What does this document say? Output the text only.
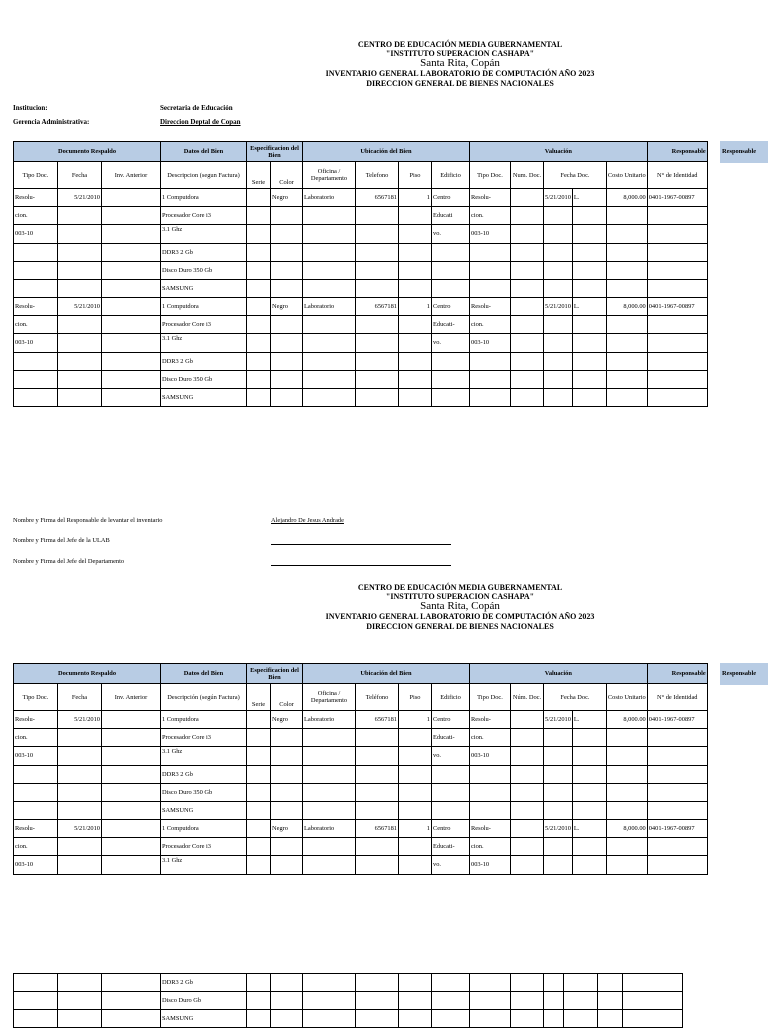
CENTRO DE EDUCACIÓN MEDIA GUBERNAMENTAL
"INSTITUTO SUPERACION CASHAPA"
Santa Rita, Copán
INVENTARIO GENERAL LABORATORIO DE COMPUTACIÓN AÑO 2023
DIRECCION GENERAL DE BIENES NACIONALES
Institucion:	Secretaria de Educación
Gerencia Administrativa:	Direccion Deptal de Copan
Responsable
Documento Respaldo			Datos del Bien	Especificacion del Bien		Ubicación del Bien				Valuación					Responsable
Tipo Doc.	Fecha	Inv. Anterior	Descripcion (segun Factura)	Serie	Color	Oficina / Departamento	Telefono	Piso	Edificio	Tipo Doc.	Num. Doc.	Fecha Doc.		Costo Unitario	N° de Identidad
Resolu-	5/21/2010		1 Computdora		Negro	Laboratorio	6567181	1	Centro	Resolu-		5/21/2010	L.	8,000.00	0401-1967-00897
cion.			Procesador Core i3						Educati	cion.					
003-10			3.1 Ghz						vo.	003-10					
			DDR3 2 Gb												
			Disco Duro 350 Gb												
			SAMSUNG												
Resolu-	5/21/2010		1 Computdora		Negro	Laboratorio	6567181	1	Centro	Resolu-		5/21/2010	L.	8,000.00	0401-1967-00897
cion.			Procesador Core i3						Educati-	cion.					
003-10			3.1 Ghz						vo.	003-10					
			DDR3 2 Gb												
			Disco Duro 350 Gb												
			SAMSUNG												
Nombre y Firma del Responsable de levantar el inventario	Alejandro De Jesus Andrade
Nombre y Firma del Jefe de la ULAB

Nombre y Firma del Jefe del Departamento

CENTRO DE EDUCACIÓN MEDIA GUBERNAMENTAL
"INSTITUTO SUPERACION CASHAPA"
Santa Rita, Copán
INVENTARIO GENERAL LABORATORIO DE COMPUTACIÓN AÑO 2023
DIRECCION GENERAL DE BIENES NACIONALES
Responsable
Documento Respaldo			Datos del Bien	Especificacion del Bien		Ubicación del Bien				Valuación					Responsable
Tipo Doc.	Fecha	Inv. Anterior	Descripción (según Factura)	Serie	Color	Oficina / Departamento	Teléfono	Piso	Edificio	Tipo Doc.	Núm. Doc.	Fecha Doc.		Costo Unitario	N° de Identidad
Resolu-	5/21/2010		1 Computdora		Negro	Laboratorio	6567181	1	Centro	Resolu-		5/21/2010	L.	8,000.00	0401-1967-00897
cion.			Procesador Core i3						Educati-	cion.					
003-10			3.1 Ghz						vo.	003-10					
			DDR3 2 Gb												
			Disco Duro 350 Gb												
			SAMSUNG												
Resolu-	5/21/2010		1 Computdora		Negro	Laboratorio	6567181	1	Centro	Resolu-		5/21/2010	L.	8,000.00	0401-1967-00897
cion.			Procesador Core i3						Educati-	cion.					
003-10			3.1 Ghz						vo.	003-10					
			DDR3 2 Gb												
			Disco Duro Gb												
			SAMSUNG												
